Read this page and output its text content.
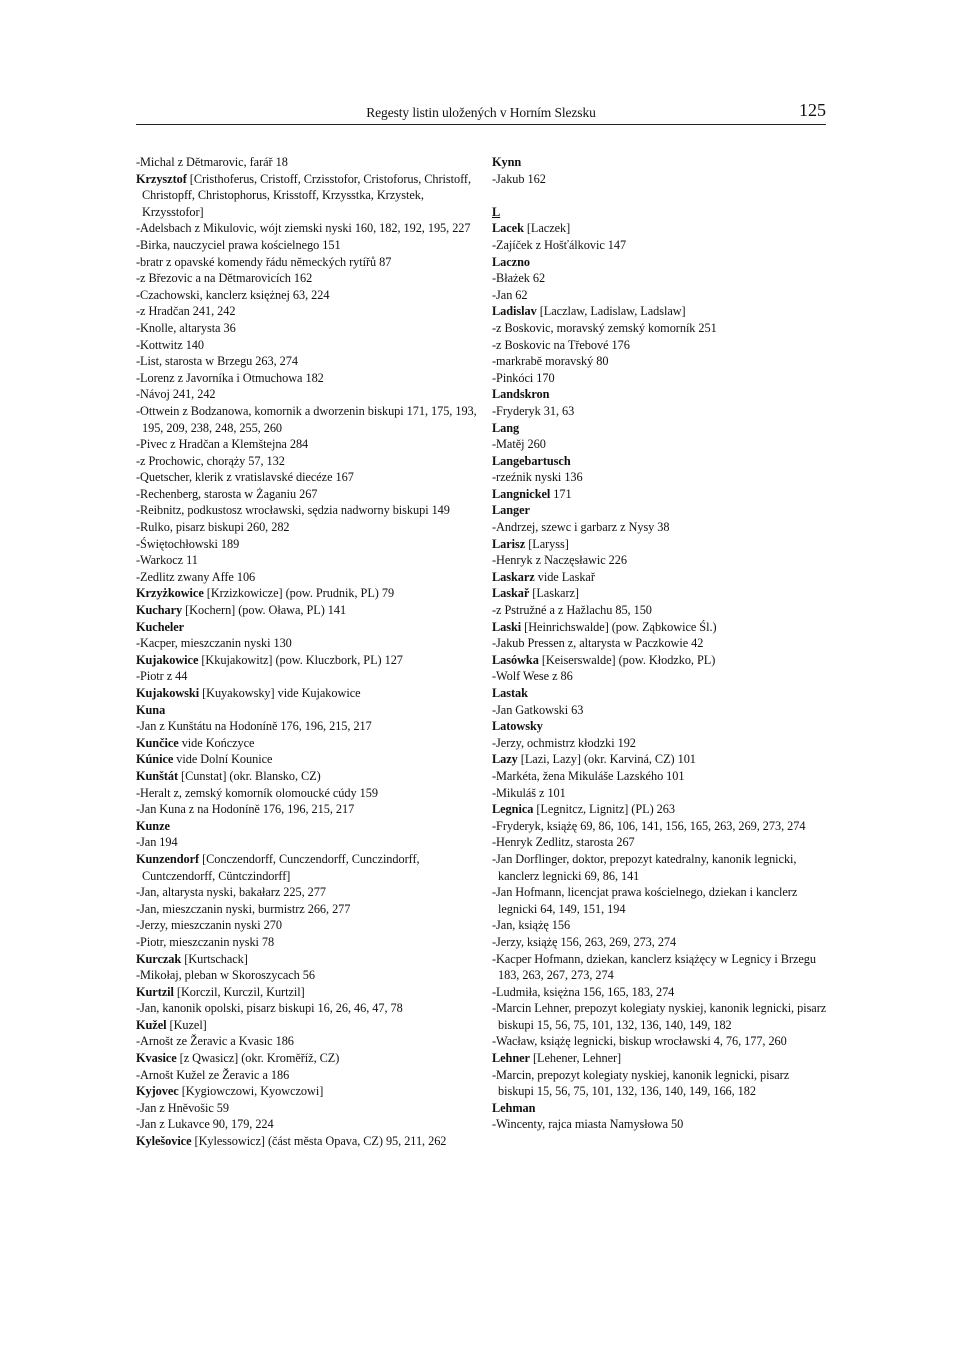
Regesty listin uložených v Horním Slezsku	125
-Michal z Dětmarovic, farář 18
Krzysztof [Cristhoferus, Cristoff, Crzisstofor, Cristoforus, Christoff, Christopff, Christophorus, Krisstoff, Krzysstka, Krzystek, Krzysstofor]
-Adelsbach z Mikulovic, wójt ziemski nyski 160, 182, 192, 195, 227
-Birka, nauczyciel prawa kościelnego 151
-bratr z opavské komendy řádu německých rytířů 87
-z Březovic a na Dětmarovicích 162
-Czachowski, kanclerz księżnej 63, 224
-z Hradčan 241, 242
-Knolle, altarysta 36
-Kottwitz 140
-List, starosta w Brzegu 263, 274
-Lorenz z Javorníka i Otmuchowa 182
-Návoj 241, 242
-Ottwein z Bodzanowa, komornik a dworzenin biskupi 171, 175, 193, 195, 209, 238, 248, 255, 260
-Pivec z Hradčan a Klemštejna 284
-z Prochowic, chorąży 57, 132
-Quetscher, klerik z vratislavské diecéze 167
-Rechenberg, starosta w Żaganiu 267
-Reibnitz, podkustosz wrocławski, sędzia nadworny biskupi 149
-Rulko, pisarz biskupi 260, 282
-Świętochłowski 189
-Warkocz 11
-Zedlitz zwany Affe 106
Krzyżkowice [Krzizkowicze] (pow. Prudnik, PL) 79
Kuchary [Kochern] (pow. Oława, PL) 141
Kucheler
-Kacper, mieszczanin nyski 130
Kujakowice [Kkujakowitz] (pow. Kluczbork, PL) 127
-Piotr z 44
Kujakowski [Kuyakowsky] vide Kujakowice
Kuna
-Jan z Kunštátu na Hodoníně 176, 196, 215, 217
Kunčice vide Kończyce
Kúnice vide Dolní Kounice
Kunštát [Cunstat] (okr. Blansko, CZ)
-Heralt z, zemský komorník olomoucké cúdy 159
-Jan Kuna z na Hodoníně 176, 196, 215, 217
Kunze
-Jan 194
Kunzendorf [Conczendorff, Cunczendorff, Cunczindorff, Cuntczendorff, Cüntczindorff]
-Jan, altarysta nyski, bakałarz 225, 277
-Jan, mieszczanin nyski, burmistrz 266, 277
-Jerzy, mieszczanin nyski 270
-Piotr, mieszczanin nyski 78
Kurczak [Kurtschack]
-Mikołaj, pleban w Skoroszycach 56
Kurtzil [Korczil, Kurczil, Kurtzil]
-Jan, kanonik opolski, pisarz biskupi 16, 26, 46, 47, 78
Kužel [Kuzel]
-Arnošt ze Žeravic a Kvasic 186
Kvasice [z Qwasicz] (okr. Kroměříž, CZ)
-Arnošt Kužel ze Žeravic a 186
Kyjovec [Kygiowczowi, Kyowczowi]
-Jan z Hněvošic 59
-Jan z Lukavce 90, 179, 224
Kylešovice [Kylessowicz] (část města Opava, CZ) 95, 211, 262
Kynn
-Jakub 162
L
Lacek [Laczek]
-Zajíček z Hošťálkovic 147
Laczno
-Błażek 62
-Jan 62
Ladislav [Laczlaw, Ladislaw, Ladslaw]
-z Boskovic, moravský zemský komorník 251
-z Boskovic na Třebové 176
-markrabě moravský 80
-Pinkóci 170
Landskron
-Fryderyk 31, 63
Lang
-Matěj 260
Langebartusch
-rzeźnik nyski 136
Langnickel 171
Langer
-Andrzej, szewc i garbarz z Nysy 38
Larisz [Laryss]
-Henryk z Naczęsławic 226
Laskarz vide Laskař
Laskař [Laskarz]
-z Pstružné a z Hažlachu 85, 150
Laski [Heinrichswalde] (pow. Ząbkowice Śl.)
-Jakub Pressen z, altarysta w Paczkowie 42
Lasówka [Keiserswalde] (pow. Kłodzko, PL)
-Wolf Wese z 86
Lastak
-Jan Gatkowski 63
Latowsky
-Jerzy, ochmistrz kłodzki 192
Lazy [Lazi, Lazy] (okr. Karviná, CZ) 101
-Markéta, žena Mikuláše Lazského 101
-Mikuláš z 101
Legnica [Legnitcz, Lignitz] (PL) 263
-Fryderyk, książę 69, 86, 106, 141, 156, 165, 263, 269, 273, 274
-Henryk Zedlitz, starosta 267
-Jan Dorflinger, doktor, prepozyt katedralny, kanonik legnicki, kanclerz legnicki 69, 86, 141
-Jan Hofmann, licencjat prawa kościelnego, dziekan i kanclerz legnicki 64, 149, 151, 194
-Jan, książę 156
-Jerzy, książę 156, 263, 269, 273, 274
-Kacper Hofmann, dziekan, kanclerz książęcy w Legnicy i Brzegu 183, 263, 267, 273, 274
-Ludmiła, księżna 156, 165, 183, 274
-Marcin Lehner, prepozyt kolegiaty nyskiej, kanonik legnicki, pisarz biskupi 15, 56, 75, 101, 132, 136, 140, 149, 182
-Wacław, książę legnicki, biskup wrocławski 4, 76, 177, 260
Lehner [Lehener, Lehner]
-Marcin, prepozyt kolegiaty nyskiej, kanonik legnicki, pisarz biskupi 15, 56, 75, 101, 132, 136, 140, 149, 166, 182
Lehman
-Wincenty, rajca miasta Namysłowa 50
